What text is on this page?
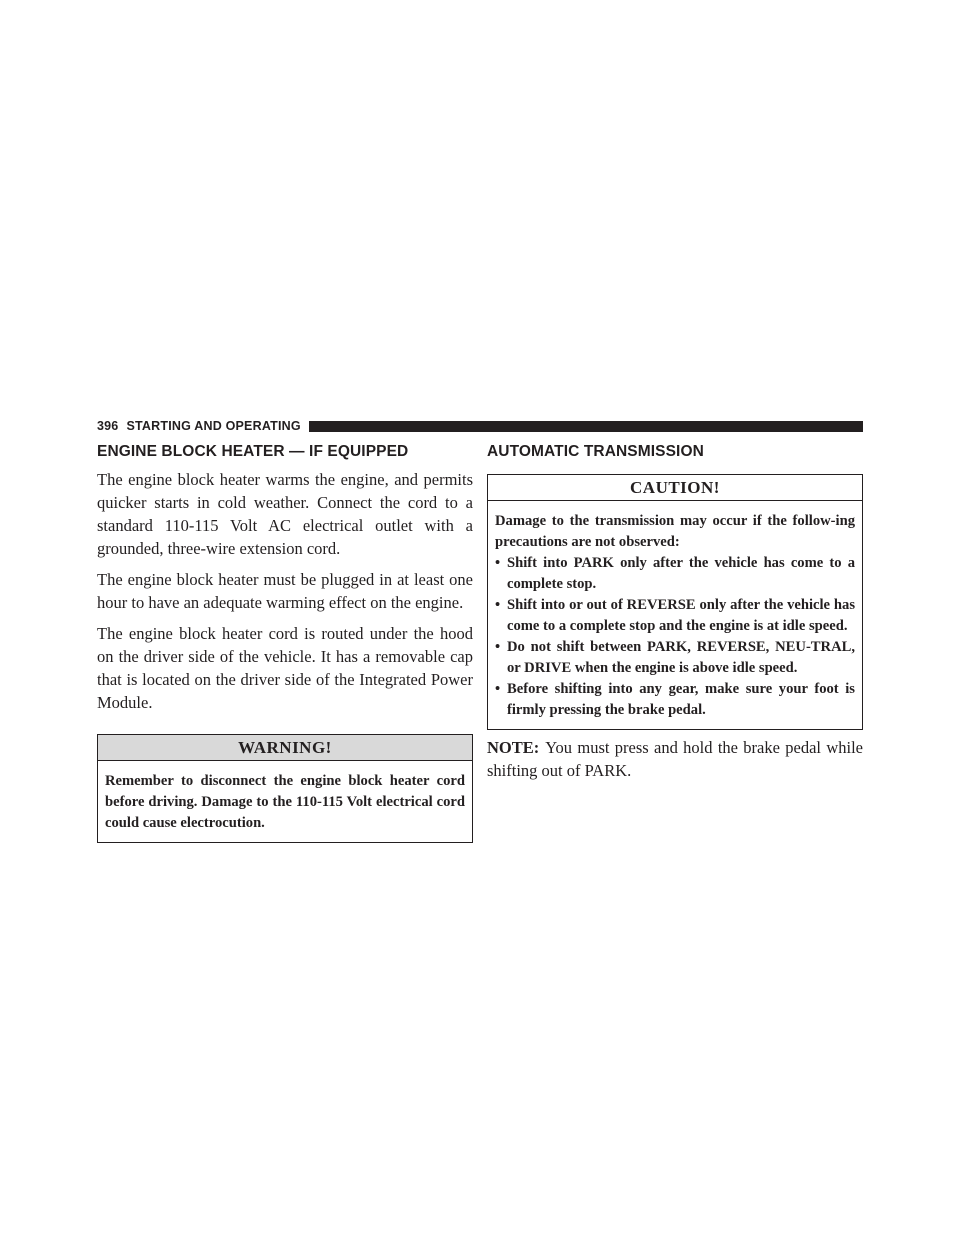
396 STARTING AND OPERATING
ENGINE BLOCK HEATER — IF EQUIPPED

The engine block heater warms the engine, and permits quicker starts in cold weather. Connect the cord to a standard 110-115 Volt AC electrical outlet with a grounded, three-wire extension cord.

The engine block heater must be plugged in at least one hour to have an adequate warming effect on the engine.

The engine block heater cord is routed under the hood on the driver side of the vehicle. It has a removable cap that is located on the driver side of the Integrated Power Module.

WARNING!

Remember to disconnect the engine block heater cord before driving. Damage to the 110-115 Volt electrical cord could cause electrocution.

AUTOMATIC TRANSMISSION
CAUTION!

Damage to the transmission may occur if the follow-ing precautions are not observed:

• Shift into PARK only after the vehicle has come to a complete stop.
• Shift into or out of REVERSE only after the vehicle has come to a complete stop and the engine is at idle speed.
• Do not shift between PARK, REVERSE, NEU-TRAL, or DRIVE when the engine is above idle speed.
• Before shifting into any gear, make sure your foot is firmly pressing the brake pedal.
NOTE: You must press and hold the brake pedal while shifting out of PARK.
